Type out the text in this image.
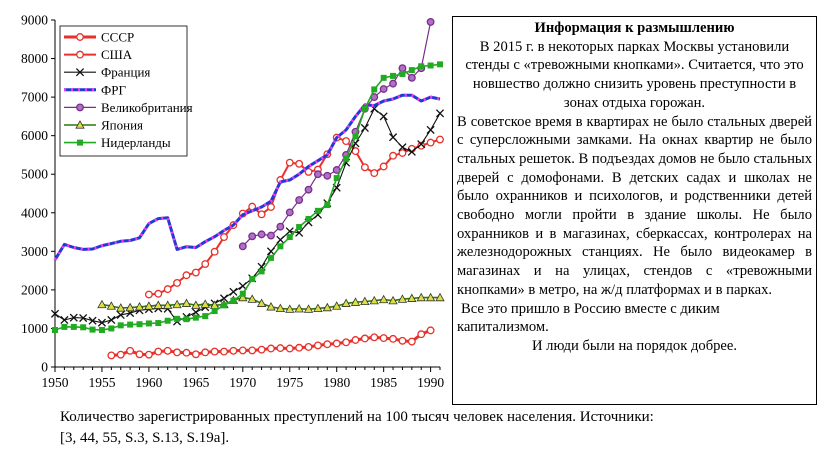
0
1000
2000
3000
4000
5000
6000
7000
8000
9000
1950 1955 1960 1965 1970 1975 1980 1985 1990
СССР
США
Франция
ФРГ
Великобритания
Япония
Нидерланды
Информация к размышлению

В 2015 г. в некоторых парках Москвы установили стенды с «тревожными кнопками». Считается, что это новшество должно снизить уровень преступности в зонах отдыха горожан.

В советское время в квартирах не было стальных дверей с суперсложными замками. На окнах квартир не было стальных решеток. В подъездах домов не было стальных дверей с домофонами. В детских садах и школах не было охранников и психологов, и родственники детей свободно могли пройти в здание школы. Не было охранников и в магазинах, сберкассах, контролерах на железнодорожных станциях. Не было видеокамер в магазинах и на улицах, стендов с «тревожными кнопками» в метро, на ж/д платформах и в парках.

Все это пришло в Россию вместе с диким капитализмом.

И люди были на порядок добрее.

Количество зарегистрированных преступлений на 100 тысяч человек населения. Источники:
[3, 44, 55, S.3, S.13, S.19a].
